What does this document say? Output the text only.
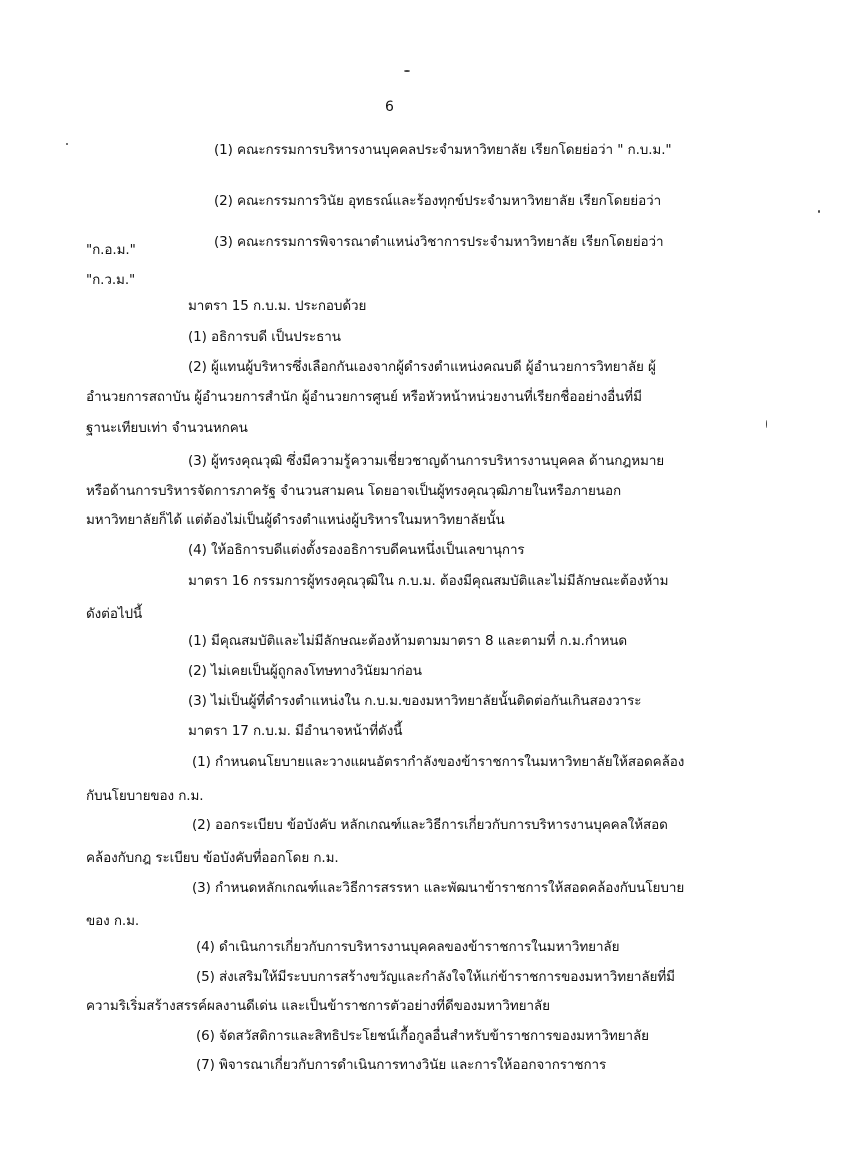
6
(1) คณะกรรมการบริหารงานบุคคลประจำมหาวิทยาลัย เรียกโดยย่อว่า " ก.บ.ม."
(2) คณะกรรมการวินัย อุทธรณ์และร้องทุกข์ประจำมหาวิทยาลัย เรียกโดยย่อว่า
"ก.อ.ม."	(3) คณะกรรมการพิจารณาตำแหน่งวิชาการประจำมหาวิทยาลัย เรียกโดยย่อว่า
"ก.ว.ม."
มาตรา 15 ก.บ.ม. ประกอบด้วย
(1) อธิการบดี เป็นประธาน
(2) ผู้แทนผู้บริหารซึ่งเลือกกันเองจากผู้ดำรงตำแหน่งคณบดี ผู้อำนวยการวิทยาลัย ผู้
อำนวยการสถาบัน ผู้อำนวยการสำนัก ผู้อำนวยการศูนย์ หรือหัวหน้าหน่วยงานที่เรียกชื่ออย่างอื่นที่มี
ฐานะเทียบเท่า จำนวนหกคน
(3) ผู้ทรงคุณวุฒิ ซึ่งมีความรู้ความเชี่ยวชาญด้านการบริหารงานบุคคล ด้านกฎหมาย
หรือด้านการบริหารจัดการภาครัฐ จำนวนสามคน โดยอาจเป็นผู้ทรงคุณวุฒิภายในหรือภายนอก
มหาวิทยาลัยก็ได้ แต่ต้องไม่เป็นผู้ดำรงตำแหน่งผู้บริหารในมหาวิทยาลัยนั้น
(4) ให้อธิการบดีแต่งตั้งรองอธิการบดีคนหนึ่งเป็นเลขานุการ
มาตรา 16 กรรมการผู้ทรงคุณวุฒิใน ก.บ.ม. ต้องมีคุณสมบัติและไม่มีลักษณะต้องห้าม
ดังต่อไปนี้
(1) มีคุณสมบัติและไม่มีลักษณะต้องห้ามตามมาตรา 8 และตามที่ ก.ม.กำหนด
(2) ไม่เคยเป็นผู้ถูกลงโทษทางวินัยมาก่อน
(3) ไม่เป็นผู้ที่ดำรงตำแหน่งใน ก.บ.ม.ของมหาวิทยาลัยนั้นติดต่อกันเกินสองวาระ
มาตรา 17 ก.บ.ม. มีอำนาจหน้าที่ดังนี้
(1) กำหนดนโยบายและวางแผนอัตรากำลังของข้าราชการในมหาวิทยาลัยให้สอดคล้อง
กับนโยบายของ ก.ม.
(2) ออกระเบียบ ข้อบังคับ หลักเกณฑ์และวิธีการเกี่ยวกับการบริหารงานบุคคลให้สอด
คล้องกับกฎ ระเบียบ ข้อบังคับที่ออกโดย ก.ม.
(3) กำหนดหลักเกณฑ์และวิธีการสรรหา และพัฒนาข้าราชการให้สอดคล้องกับนโยบาย
ของ ก.ม.
(4) ดำเนินการเกี่ยวกับการบริหารงานบุคคลของข้าราชการในมหาวิทยาลัย
(5) ส่งเสริมให้มีระบบการสร้างขวัญและกำลังใจให้แก่ข้าราชการของมหาวิทยาลัยที่มี
ความริเริ่มสร้างสรรค์ผลงานดีเด่น และเป็นข้าราชการตัวอย่างที่ดีของมหาวิทยาลัย
(6) จัดสวัสดิการและสิทธิประโยชน์เกื้อกูลอื่นสำหรับข้าราชการของมหาวิทยาลัย
(7) พิจารณาเกี่ยวกับการดำเนินการทางวินัย และการให้ออกจากราชการ
